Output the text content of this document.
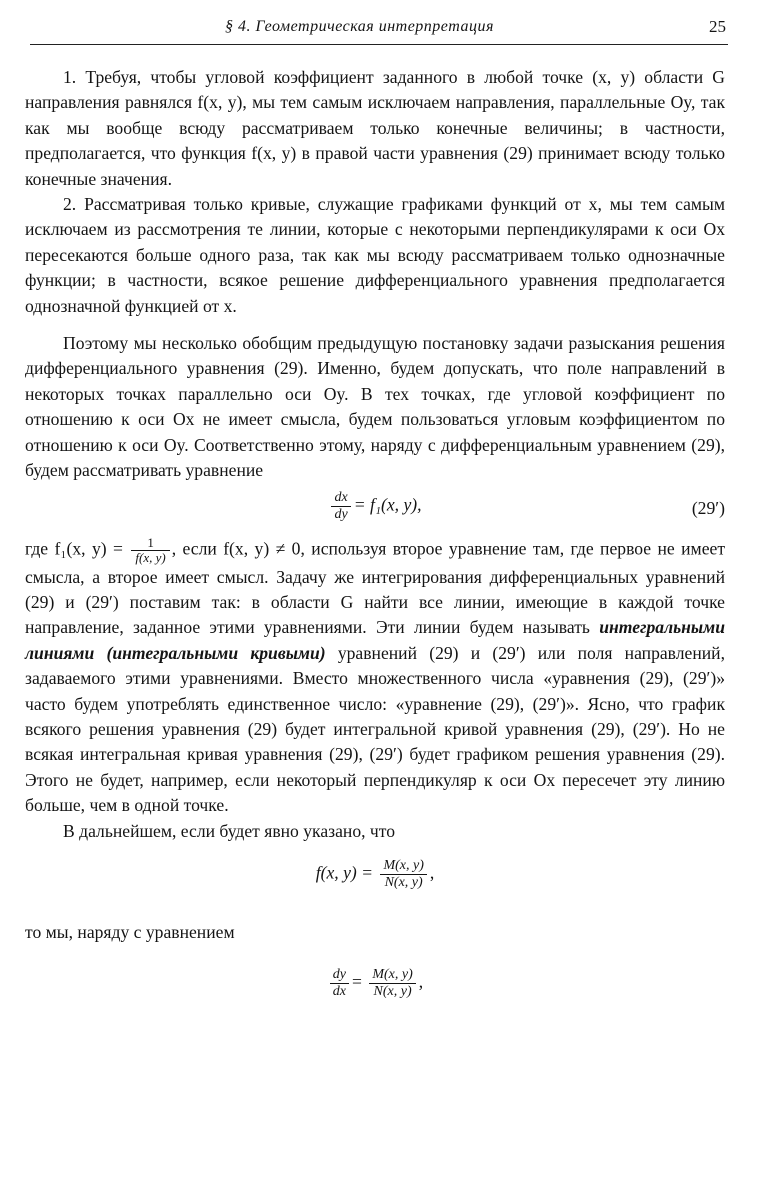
§ 4. Геометрическая интерпретация	25

1. Требуя, чтобы угловой коэффициент заданного в любой точке (x, y) области G направления равнялся f(x, y), мы тем самым исключаем направления, параллельные Oy, так как мы вообще всюду рассматриваем только конечные величины; в частности, предполагается, что функция f(x, y) в правой части уравнения (29) принимает всюду только конечные значения.

2. Рассматривая только кривые, служащие графиками функций от x, мы тем самым исключаем из рассмотрения те линии, которые с некоторыми перпендикулярами к оси Ox пересекаются больше одного раза, так как мы всюду рассматриваем только однозначные функции; в частности, всякое решение дифференциального уравнения предполагается однозначной функцией от x.

Поэтому мы несколько обобщим предыдущую постановку задачи разыскания решения дифференциального уравнения (29). Именно, будем допускать, что поле направлений в некоторых точках параллельно оси Oy. В тех точках, где угловой коэффициент по отношению к оси Ox не имеет смысла, будем пользоваться угловым коэффициентом по отношению к оси Oy. Соответственно этому, наряду с дифференциальным уравнением (29), будем рассматривать уравнение

$\frac{dx}{dy} = f_1(x$, y),	(29′)

где f₁(x, $y) = \frac{1}{f(x, y)}$ , если f(x, y) ≠ 0, используя второе уравнение там, где первое не имеет смысла, а второе имеет смысл. Задачу же интегрирования дифференциальных уравнений (29) и (29′) поставим так: в области G найти все линии, имеющие в каждой точке направление, заданное этими уравнениями. Эти линии будем называть интегральными линиями (интегральными кривыми) уравнений (29) и (29′) или поля направлений, задаваемого этими уравнениями. Вместо множественного числа «уравнения (29), (29′)» часто будем употреблять единственное число: «уравнение (29), (29′)». Ясно, что график всякого решения уравнения (29) будет интегральной кривой уравнения (29), (29′). Но не всякая интегральная кривая уравнения (29), (29′) будет графиком решения уравнения (29). Этого не будет, например, если некоторый перпендикуляр к оси Ox пересечет эту линию больше, чем в одной точке.

В дальнейшем, если будет явно указано, что

f(x, $y) = \frac{M(x, y)}{N(x, y)}$ ,

то мы, наряду с уравнением

$\frac{dy}{dx} = \frac{M(x, y)}{N(x, y)}$ ,
